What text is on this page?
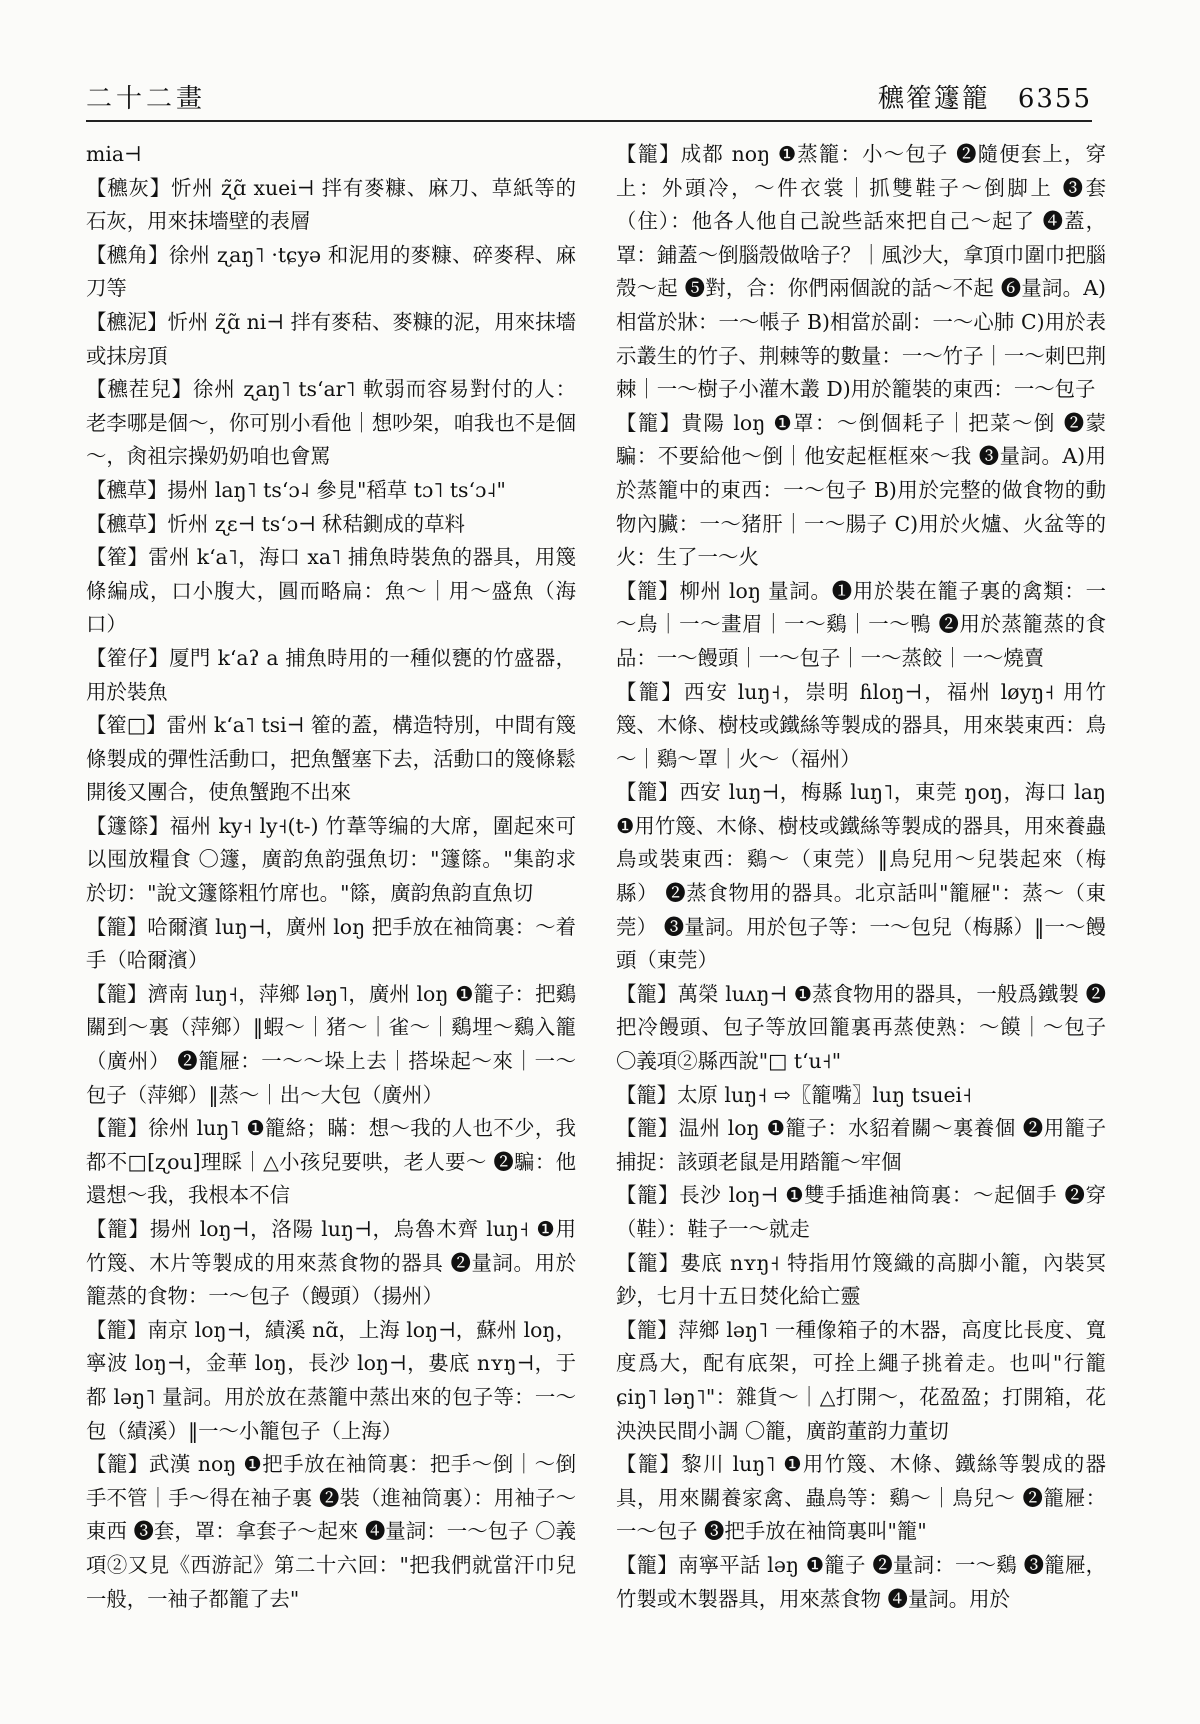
二十二畫	穮篧籧籠　6355

mia⊣

【穮灰】忻州 ʐ̃ɑ̃ xuei⊣ 拌有麥糠、麻刀、草紙等的石灰，用來抹墻壁的表層

【穮角】徐州 ʐaŋ˥ ·tɕyə 和泥用的麥糠、碎麥稈、麻刀等

【穮泥】忻州 ʐ̃ɑ̃ ni⊣ 拌有麥秸、麥糠的泥，用來抹墻或抹房頂

【穮茬兒】徐州 ʐaŋ˥ tsʻar˥ 軟弱而容易對付的人：老李哪是個～，你可別小看他｜想吵架，咱我也不是個～，肏祖宗操奶奶咱也會罵

【穮草】揚州 laŋ˥ tsʻɔ˨ 參見"稻草 tɔ˥ tsʻɔ˨"

【穮草】忻州 ʐɛ⊣ tsʻɔ⊣ 秫秸鍘成的草料

【篧】雷州 kʻa˥，海口 xa˥ 捕魚時裝魚的器具，用篾條編成，口小腹大，圓而略扁：魚～｜用～盛魚（海口）

【篧仔】厦門 kʻaʔ a 捕魚時用的一種似甕的竹盛器，用於裝魚

【篧□】雷州 kʻa˥ tsi⊣ 篧的蓋，構造特別，中間有篾條製成的彈性活動口，把魚蟹塞下去，活動口的篾條鬆開後又團合，使魚蟹跑不出來

【籧篨】福州 ky˧ ly˧(t-) 竹葦等编的大席，圍起來可以囤放糧食 〇籧，廣韵魚韵强魚切："籧篨。"集韵求於切："說文籧篨粗竹席也。"篨，廣韵魚韵直魚切

【籠】哈爾濱 luŋ⊣，廣州 loŋ 把手放在袖筒裏：～着手（哈爾濱）

【籠】濟南 luŋ˧，萍鄉 ləŋ˥，廣州 loŋ ❶籠子：把鷄關到～裏（萍鄉）‖蝦～｜猪～｜雀～｜鷄埋～鷄入籠（廣州） ❷籠屜：一～～垛上去｜搭垛起～來｜一～包子（萍鄉）‖蒸～｜出～大包（廣州）

【籠】徐州 luŋ˥ ❶籠絡；瞞：想～我的人也不少，我都不□[ʐou]理睬｜△小孩兒要哄，老人要～ ❷騙：他還想～我，我根本不信

【籠】揚州 loŋ⊣，洛陽 luŋ⊣，烏魯木齊 luŋ˧ ❶用竹篾、木片等製成的用來蒸食物的器具 ❷量詞。用於籠蒸的食物：一～包子（饅頭）（揚州）

【籠】南京 loŋ⊣，績溪 nɑ̃，上海 loŋ⊣，蘇州 loŋ，寧波 loŋ⊣，金華 loŋ，長沙 loŋ⊣，婁底 nʏŋ⊣，于都 ləŋ˥ 量詞。用於放在蒸籠中蒸出來的包子等：一～包（績溪）‖一～小籠包子（上海）

【籠】武漢 noŋ ❶把手放在袖筒裏：把手～倒｜～倒手不管｜手～得在袖子裏 ❷裝（進袖筒裏）：用袖子～東西 ❸套，罩：拿套子～起來 ❹量詞：一～包子 〇義項②又見《西游記》第二十六回："把我們就當汗巾兒一般，一袖子都籠了去"

【籠】成都 noŋ ❶蒸籠：小～包子 ❷隨便套上，穿上：外頭冷，～件衣裳｜抓雙鞋子～倒脚上 ❸套（住）：他各人他自己說些話來把自己～起了 ❹蓋，罩：鋪蓋～倒腦殼做啥子？｜風沙大，拿頂巾圍巾把腦殼～起 ❺對，合：你們兩個說的話～不起 ❻量詞。A)相當於牀：一～帳子 B)相當於副：一～心肺 C)用於表示叢生的竹子、荆棘等的數量：一～竹子｜一～刺巴荆棘｜一～樹子小灌木叢 D)用於籠裝的東西：一～包子

【籠】貴陽 loŋ ❶罩：～倒個耗子｜把菜～倒 ❷蒙騙：不要給他～倒｜他安起框框來～我 ❸量詞。A)用於蒸籠中的東西：一～包子 B)用於完整的做食物的動物內臟：一～猪肝｜一～腸子 C)用於火爐、火盆等的火：生了一～火

【籠】柳州 loŋ 量詞。❶用於裝在籠子裏的禽類：一～鳥｜一～畫眉｜一～鷄｜一～鴨 ❷用於蒸籠蒸的食品：一～饅頭｜一～包子｜一～蒸餃｜一～燒賣

【籠】西安 luŋ˧，崇明 ɦloŋ⊣，福州 løyŋ˧ 用竹篾、木條、樹枝或鐵絲等製成的器具，用來裝東西：鳥～｜鷄～罩｜火～（福州）

【籠】西安 luŋ⊣，梅縣 luŋ˥，東莞 ŋoŋ，海口 laŋ ❶用竹篾、木條、樹枝或鐵絲等製成的器具，用來養蟲鳥或裝東西：鷄～（東莞）‖鳥兒用～兒裝起來（梅縣） ❷蒸食物用的器具。北京話叫"籠屜"：蒸～（東莞） ❸量詞。用於包子等：一～包兒（梅縣）‖一～饅頭（東莞）

【籠】萬榮 luʌŋ⊣ ❶蒸食物用的器具，一般爲鐵製 ❷把冷饅頭、包子等放回籠裏再蒸使熟：～饃｜～包子 〇義項②縣西說"□ tʻu˧"

【籠】太原 luŋ˧ ⇨〖籠嘴〗luŋ tsuei˧

【籠】温州 loŋ ❶籠子：水貂着關～裏養個 ❷用籠子捕捉：該頭老鼠是用踏籠～牢個

【籠】長沙 loŋ⊣ ❶雙手插進袖筒裏：～起個手 ❷穿（鞋）：鞋子一～就走

【籠】婁底 nʏŋ˧ 特指用竹篾織的高脚小籠，內裝冥鈔，七月十五日焚化給亡靈

【籠】萍鄉 ləŋ˥ 一種像箱子的木器，高度比長度、寬度爲大，配有底架，可拴上繩子挑着走。也叫"行籠 ɕiŋ˥ ləŋ˥"：雜貨～｜△打開～，花盈盈；打開箱，花泱泱民間小調 〇籠，廣韵董韵力董切

【籠】黎川 luŋ˥ ❶用竹篾、木條、鐵絲等製成的器具，用來關養家禽、蟲鳥等：鷄～｜鳥兒～ ❷籠屜：一～包子 ❸把手放在袖筒裏叫"籠"

【籠】南寧平話 ləŋ ❶籠子 ❷量詞：一～鷄 ❸籠屜，竹製或木製器具，用來蒸食物 ❹量詞。用於
